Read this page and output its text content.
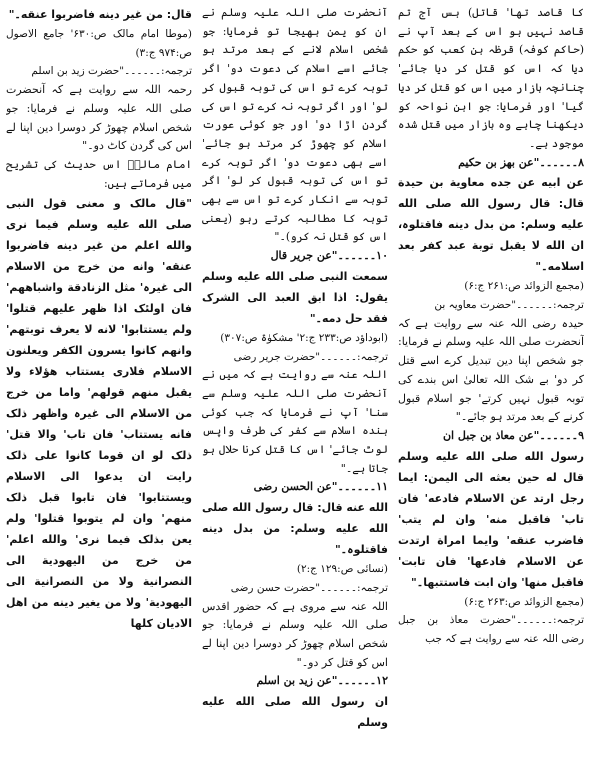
کا قاصد تھا' قاتل) بس آج تم قاصد نہیں ہو اس کے بعد آپ نے (حاکم کوفہ) قرظہ بن کعب کو حکم دیا کہ اس کو قتل کر دیا جائے' چنانچہ بازار میں اس کو قتل کر دیا گیا' اور فرمایا: جو ابن نواحہ کو دیکھنا چاہے وہ بازار میں قتل شدہ موجود ہے۔

۸۔۔۔۔۔۔"عن بھز بن حکیم

عن ابیه عن جده معاویة بن حیدة قال: قال رسول الله صلی الله علیه وسلم: من بدل دینه فاقتلوہ، ان الله لا یقبل توبة عبد کفر بعد اسلامه۔"

(مجمع الزوائد ص:۲۶۱ ج:۶)

ترجمہ:۔۔۔۔۔۔"حضرت معاویہ بن

حیدہ رضی اللہ عنہ سے روایت ہے کہ آنحضرت صلی اللہ علیہ وسلم نے فرمایا: جو شخص اپنا دین تبدیل کرے اسے قتل کر دو' بے شک اللہ تعالیٰ اس بندے کی توبہ قبول نہیں کرتے' جو اسلام قبول کرنے کے بعد مرتد ہو جائے۔"

۹۔۔۔۔۔۔"عن معاذ بن جبل ان

رسول الله صلی الله علیه وسلم قال له حین بعثه الی الیمن: ایما رجل ارتد عن الاسلام فادعه' فان تاب' فاقبل منه' وان لم یتب' فاضرب عنقه' وایما امراة ارتدت عن الاسلام فادعها' فان تابت' فاقبل منها' وان ابت فاستتبها۔"

(مجمع الزوائد ص:۲۶۳ ج:۶)

ترجمہ:۔۔۔۔۔۔"حضرت معاذ بن جبل رضی اللہ عنہ سے روایت ہے کہ جب

آنحضرت صلی اللہ علیہ وسلم نے ان کو یمن بھیجا تو فرمایا: جو شخص اسلام لانے کے بعد مرتد ہو جائے اسے اسلام کی دعوت دو' اگر توبہ کرے تو اس کی توبہ قبول کر لو' اور اگر توبہ نہ کرے تو اس کی گردن اڑا دو' اور جو کوئی عورت اسلام کو چھوڑ کر مرتد ہو جائے' اسے بھی دعوت دو' اگر توبہ کرے تو اس کی توبہ قبول کر لو' اگر توبہ سے انکار کرے تو اس سے بھی توبہ کا مطالبہ کرتے رہو (یعنی اس کو قتل نہ کرو)۔"

۱۰۔۔۔۔۔۔"عن جریر قال

سمعت النبی صلی الله علیه وسلم یقول: اذا ابق العبد الی الشرک فقد حل دمه۔"

(ابوداؤد ص:۲۳۳ ج:۲' مشکوٰۃ ص:۳۰۷)

ترجمہ:۔۔۔۔۔۔"حضرت جریر رضی

اللہ عنہ سے روایت ہے کہ میں نے آنحضرت صلی اللہ علیہ وسلم سے سنا' آپ نے فرمایا کہ جب کوئی بندہ اسلام سے کفر کی طرف واپس لوٹ جائے' اس کا قتل کرنا حلال ہو جاتا ہے۔"

۱۱۔۔۔۔۔۔"عن الحسن رضی

الله عنه قال: قال رسول الله صلی الله علیه وسلم: من بدل دینه فاقتلوہ۔"

(نسائی ص:۱۲۹ ج:۲)

ترجمہ:۔۔۔۔۔۔"حضرت حسن رضی

اللہ عنہ سے مروی ہے کہ حضور اقدس صلی اللہ علیہ وسلم نے فرمایا: جو شخص اسلام چھوڑ کر دوسرا دین اپنا لے اس کو قتل کر دو۔"

۱۲۔۔۔۔۔۔"عن زید بن اسلم

ان رسول الله صلی الله علیه وسلم

قال: من غیر دینه فاضربوا عنقه۔"

(موطا امام مالک ص:۶۳۰' جامع الاصول ص:۹۷۴ ج:۳)

ترجمہ:۔۔۔۔۔۔"حضرت زید بن اسلم

رحمہ اللہ سے روایت ہے کہ آنحضرت صلی اللہ علیہ وسلم نے فرمایا: جو شخص اسلام چھوڑ کر دوسرا دین اپنا لے اس کی گردن کاٹ دو۔"

امام مالکؒ اس حدیث کی تشریح میں فرماتے ہیں:

"قال مالک و معنی قول النبی صلی الله علیه وسلم فیما نری والله اعلم من غیر دینه فاضربوا عنقه' وانه من خرج من الاسلام الی غیرہ' مثل الزنادقة واشباههم' فان اولئک اذا ظهر علیهم قتلوا' ولم یستتابوا' لانه لا یعرف توبتهم' وانهم کانوا یسرون الکفر ویعلنون الاسلام فلاری یستتاب هؤلاء ولا یقبل منهم قولهم' واما من خرج من الاسلام الی غیرہ واظهر ذلک فانه یستتاب' فان تاب' والا قتل' ذلک لو ان قوما کانوا علی ذلک رایت ان یدعوا الی الاسلام ویستتابوا' فان تابوا قبل ذلک منهم' وان لم یتوبوا قتلوا' ولم یعن بذلک فیما نری' والله اعلم' من خرج من الیهودیة الی النصرانیة ولا من النصرانیة الی الیهودیة' ولا من یغیر دینه من اهل الادیان کلها
